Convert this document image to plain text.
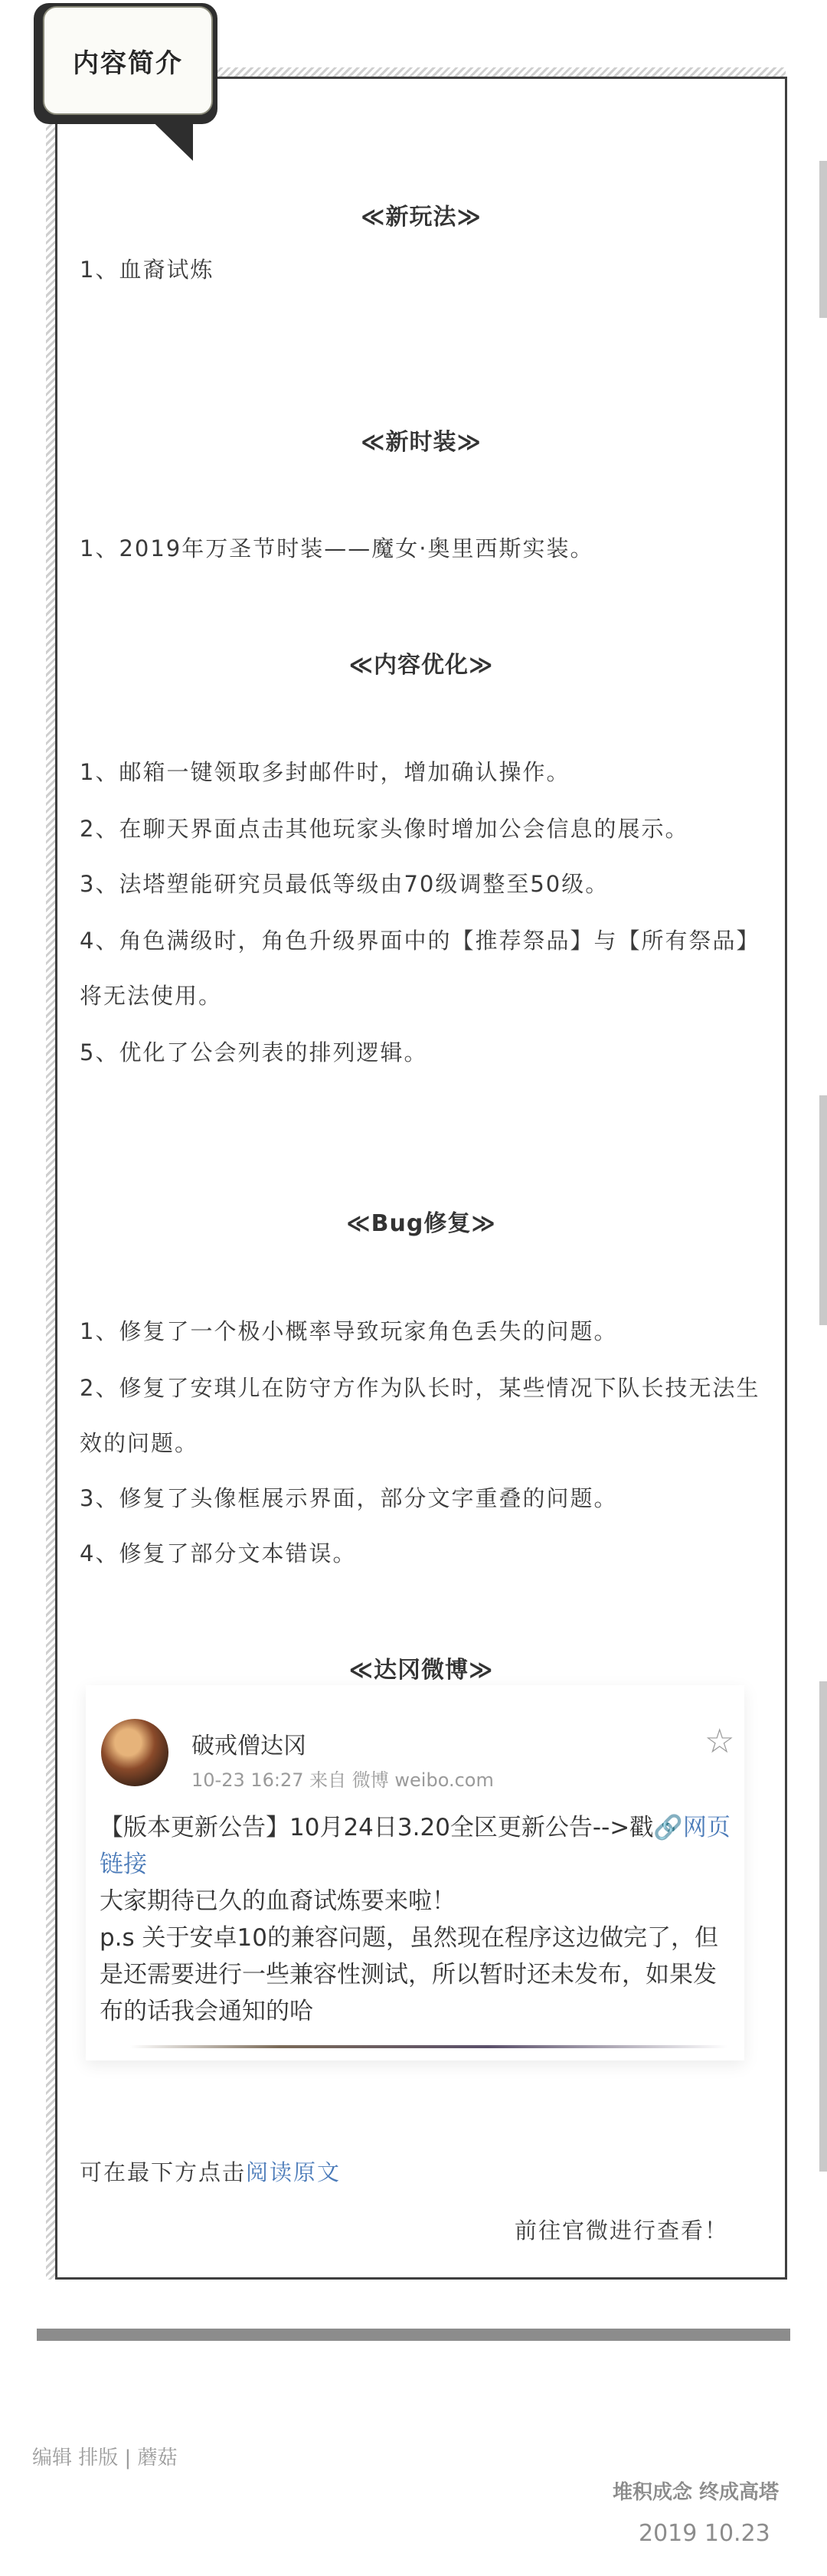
内容简介
≪新玩法≫
1、血裔试炼
≪新时装≫
1、2019年万圣节时装——魔女·奥里西斯实装。
≪内容优化≫
1、邮箱一键领取多封邮件时，增加确认操作。
2、在聊天界面点击其他玩家头像时增加公会信息的展示。
3、法塔塑能研究员最低等级由70级调整至50级。
4、角色满级时，角色升级界面中的【推荐祭品】与【所有祭品】将无法使用。
5、优化了公会列表的排列逻辑。
≪Bug修复≫
1、修复了一个极小概率导致玩家角色丢失的问题。
2、修复了安琪儿在防守方作为队长时，某些情况下队长技无法生效的问题。
3、修复了头像框展示界面，部分文字重叠的问题。
4、修复了部分文本错误。
≪达冈微博≫
破戒僧达冈
10-23 16:27 来自 微博 weibo.com
☆
【版本更新公告】10月24日3.20全区更新公告-->戳🔗网页链接
大家期待已久的血裔试炼要来啦！
p.s 关于安卓10的兼容问题，虽然现在程序这边做完了，但是还需要进行一些兼容性测试，所以暂时还未发布，如果发布的话我会通知的哈
可在最下方点击阅读原文
前往官微进行查看！
编辑 排版 | 蘑菇
堆积成念 终成高塔
2019 10.23
